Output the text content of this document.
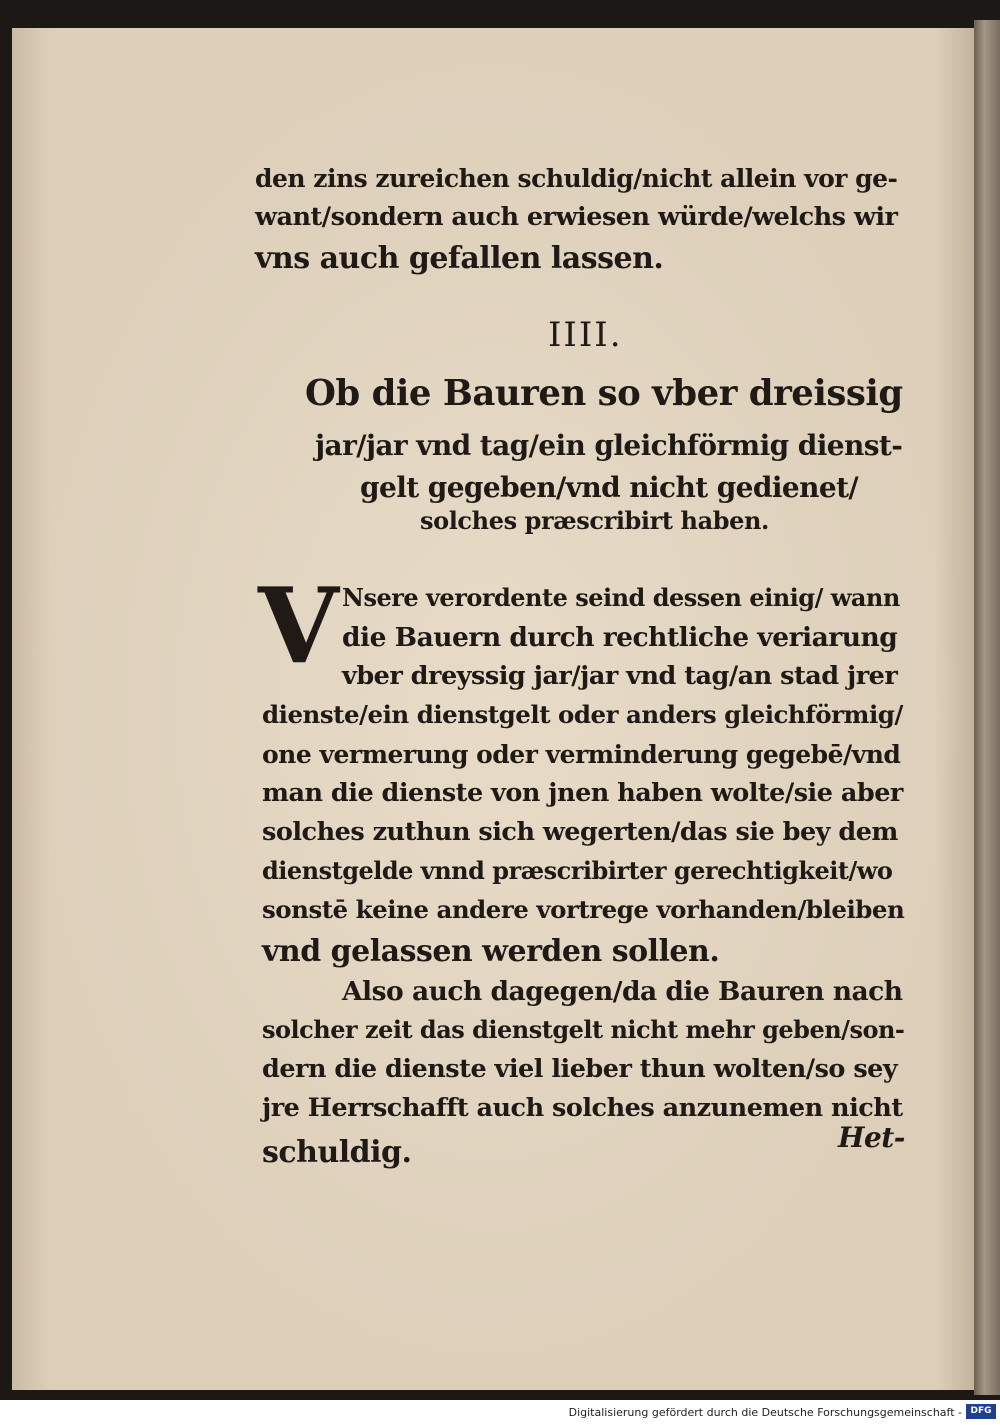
den zins zureichen schuldig/nicht allein vor ge-

want/sondern auch erwiesen würde/welchs wir

vns auch gefallen lassen.

IIII.

Ob die Bauren so vber dreissig

jar/jar vnd tag/ein gleichförmig dienst-

gelt gegeben/vnd nicht gedienet/

solches præscribirt haben.

V Nsere verordente seind dessen einig/ wann

die Bauern durch rechtliche veriarung

vber dreyssig jar/jar vnd tag/an stad jrer

dienste/ein dienstgelt oder anders gleichförmig/

one vermerung oder verminderung gegebē/vnd

man die dienste von jnen haben wolte/sie aber

solches zuthun sich wegerten/das sie bey dem

dienstgelde vnnd præscribirter gerechtigkeit/wo

sonstē keine andere vortrege vorhanden/bleiben

vnd gelassen werden sollen.

Also auch dagegen/da die Bauren nach

solcher zeit das dienstgelt nicht mehr geben/son-

dern die dienste viel lieber thun wolten/so sey

jre Herrschafft auch solches anzunemen nicht

schuldig.	Het-

Digitalisierung gefördert durch die Deutsche Forschungsgemeinschaft - DFG
